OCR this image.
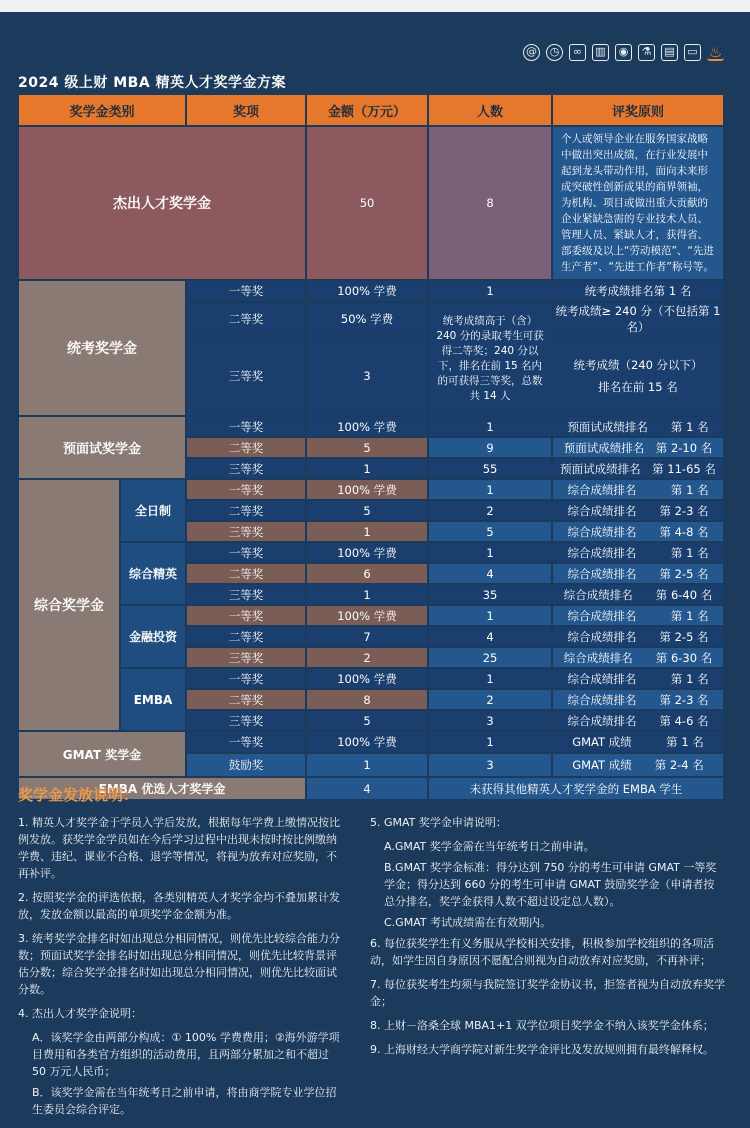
@	◷	∞	▥	◉	⚗	▤ ▭ ♨
2024 级上财 MBA 精英人才奖学金方案
奖学金类别		奖项	金额（万元）	人数	评奖原则
杰出人才奖学金			50	8	个人或领导企业在服务国家战略中做出突出成绩，在行业发展中起到龙头带动作用，面向未来形成突破性创新成果的商界领袖，为机构、项目或做出重大贡献的企业紧缺急需的专业技术人员、管理人员、紧缺人才，获得省、部委级及以上“劳动模范”、“先进生产者”、“先进工作者”称号等。
统考奖学金		一等奖	100% 学费	1	统考成绩排名第 1 名
		二等奖	50% 学费	统考成绩高于（含）240 分的录取考生可获得二等奖；240 分以下，排名在前 15 名内的可获得三等奖，总数共 14 人	统考成绩≥ 240 分（不包括第 1 名）
		三等奖	3		统考成绩（240 分以下）
排名在前 15 名
预面试奖学金		一等奖	100% 学费	1	预面试成绩排名　　第 1 名
		二等奖	5	9	预面试成绩排名　第 2-10 名
		三等奖	1	55	预面试成绩排名　第 11-65 名
综合奖学金	全日制	一等奖	100% 学费	1	综合成绩排名　　　第 1 名
		二等奖	5	2	综合成绩排名　　第 2-3 名
		三等奖	1	5	综合成绩排名　　第 4-8 名
	综合精英	一等奖	100% 学费	1	综合成绩排名　　　第 1 名
		二等奖	6	4	综合成绩排名　　第 2-5 名
		三等奖	1	35	综合成绩排名　　第 6-40 名
	金融投资	一等奖	100% 学费	1	综合成绩排名　　　第 1 名
		二等奖	7	4	综合成绩排名　　第 2-5 名
		三等奖	2	25	综合成绩排名　　第 6-30 名
	EMBA	一等奖	100% 学费	1	综合成绩排名　　　第 1 名
		二等奖	8	2	综合成绩排名　　第 2-3 名
		三等奖	5	3	综合成绩排名　　第 4-6 名
GMAT 奖学金		一等奖	100% 学费	1	GMAT 成绩　　　第 1 名
		鼓励奖	1	3	GMAT 成绩　　第 2-4 名
EMBA 优选人才奖学金			4	未获得其他精英人才奖学金的 EMBA 学生	
奖学金发放说明：

1. 精英人才奖学金于学员入学后发放，根据每年学费上缴情况按比例发放。获奖学金学员如在今后学习过程中出现未按时按比例缴纳学费、违纪、课业不合格、退学等情况，将视为放弃对应奖励，不再补评。

2. 按照奖学金的评选依据，各类别精英人才奖学金均不叠加累计发放，发放金额以最高的单项奖学金金额为准。

3. 统考奖学金排名时如出现总分相同情况，则优先比较综合能力分数；预面试奖学金排名时如出现总分相同情况，则优先比较背景评估分数；综合奖学金排名时如出现总分相同情况，则优先比较面试分数。

4. 杰出人才奖学金说明：

A．该奖学金由两部分构成：① 100% 学费费用；②海外游学项目费用和各类官方组织的活动费用，且两部分累加之和不超过 50 万元人民币；

B．该奖学金需在当年统考日之前申请，将由商学院专业学位招生委员会综合评定。

5. GMAT 奖学金申请说明：

A.GMAT 奖学金需在当年统考日之前申请。

B.GMAT 奖学金标准：得分达到 750 分的考生可申请 GMAT 一等奖学金；得分达到 660 分的考生可申请 GMAT 鼓励奖学金（申请者按总分排名，奖学金获得人数不超过设定总人数）。

C.GMAT 考试成绩需在有效期内。

6. 每位获奖学生有义务服从学校相关安排，积极参加学校组织的各项活动，如学生因自身原因不愿配合则视为自动放弃对应奖励，不再补评；

7. 每位获奖考生均须与我院签订奖学金协议书，拒签者视为自动放弃奖学金；

8. 上财－洛桑全球 MBA1+1 双学位项目奖学金不纳入该奖学金体系；

9. 上海财经大学商学院对新生奖学金评比及发放规则拥有最终解释权。
